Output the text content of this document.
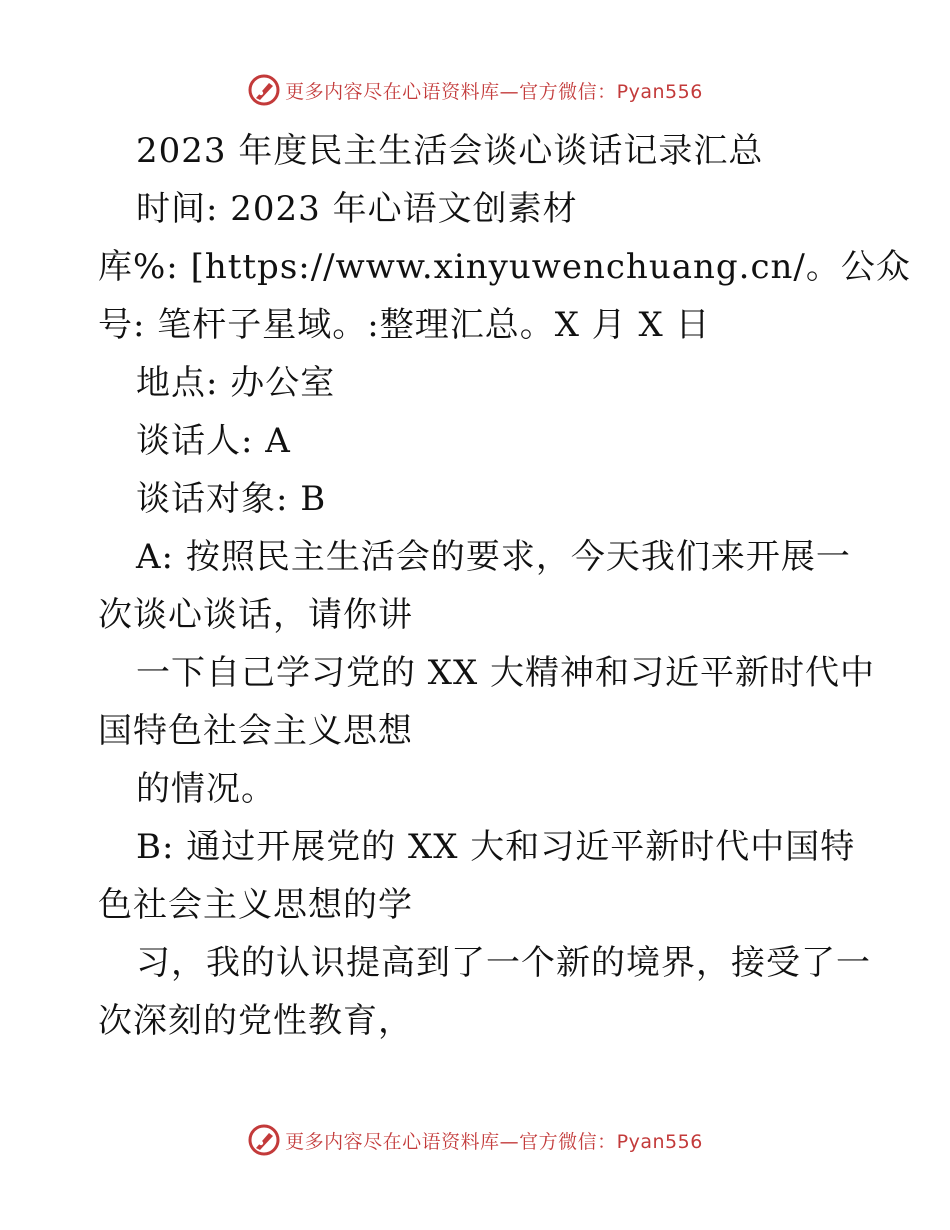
更多内容尽在心语资料库—官方微信：Pyan556
2023 年度民主生活会谈心谈话记录汇总
时间: 2023 年心语文创素材
库%: [https://www.xinyuwenchuang.cn/。公众
号: 笔杆子星域。:整理汇总。X 月 X 日
地点: 办公室
谈话人: A
谈话对象: B
A: 按照民主生活会的要求，今天我们来开展一
次谈心谈话，请你讲
一下自己学习党的 XX 大精神和习近平新时代中
国特色社会主义思想
的情况。
B: 通过开展党的 XX 大和习近平新时代中国特
色社会主义思想的学
习，我的认识提高到了一个新的境界，接受了一
次深刻的党性教育，
更多内容尽在心语资料库—官方微信：Pyan556
